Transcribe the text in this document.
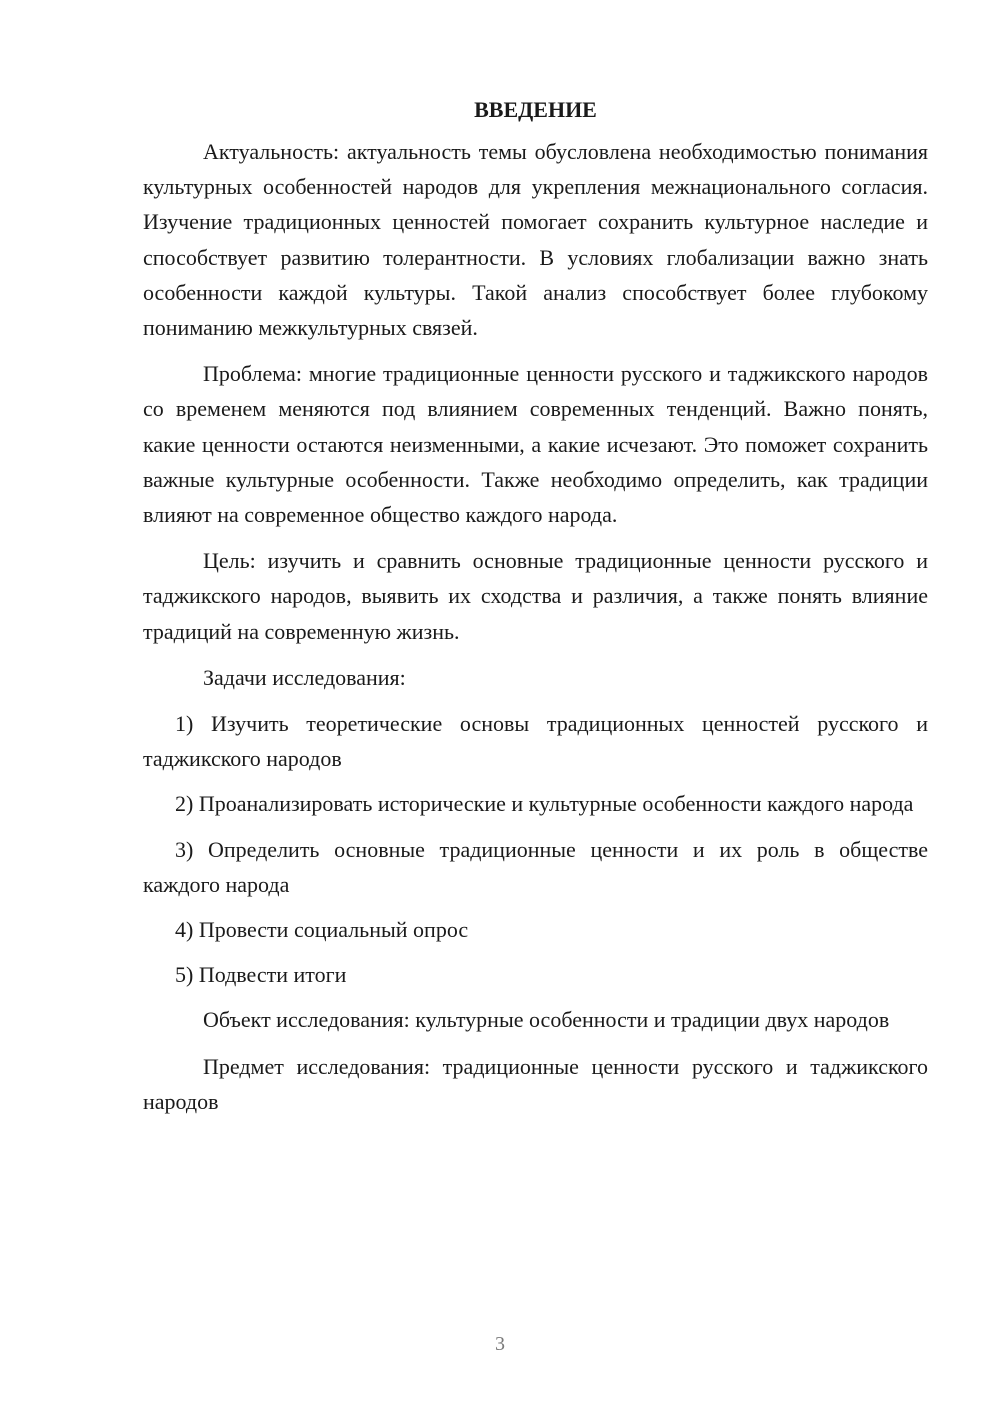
ВВЕДЕНИЕ

Актуальность: актуальность темы обусловлена необходимостью понимания культурных особенностей народов для укрепления межнационального согласия. Изучение традиционных ценностей помогает сохранить культурное наследие и способствует развитию толерантности. В условиях глобализации важно знать особенности каждой культуры. Такой анализ способствует более глубокому пониманию межкультурных связей.

Проблема: многие традиционные ценности русского и таджикского народов со временем меняются под влиянием современных тенденций. Важно понять, какие ценности остаются неизменными, а какие исчезают. Это поможет сохранить важные культурные особенности. Также необходимо определить, как традиции влияют на современное общество каждого народа.

Цель: изучить и сравнить основные традиционные ценности русского и таджикского народов, выявить их сходства и различия, а также понять влияние традиций на современную жизнь.

Задачи исследования:

1) Изучить теоретические основы традиционных ценностей русского и таджикского народов

2) Проанализировать исторические и культурные особенности каждого народа

3) Определить основные традиционные ценности и их роль в обществе каждого народа

4) Провести социальный опрос

5) Подвести итоги

Объект исследования: культурные особенности и традиции двух народов

Предмет исследования: традиционные ценности русского и таджикского народов

3
